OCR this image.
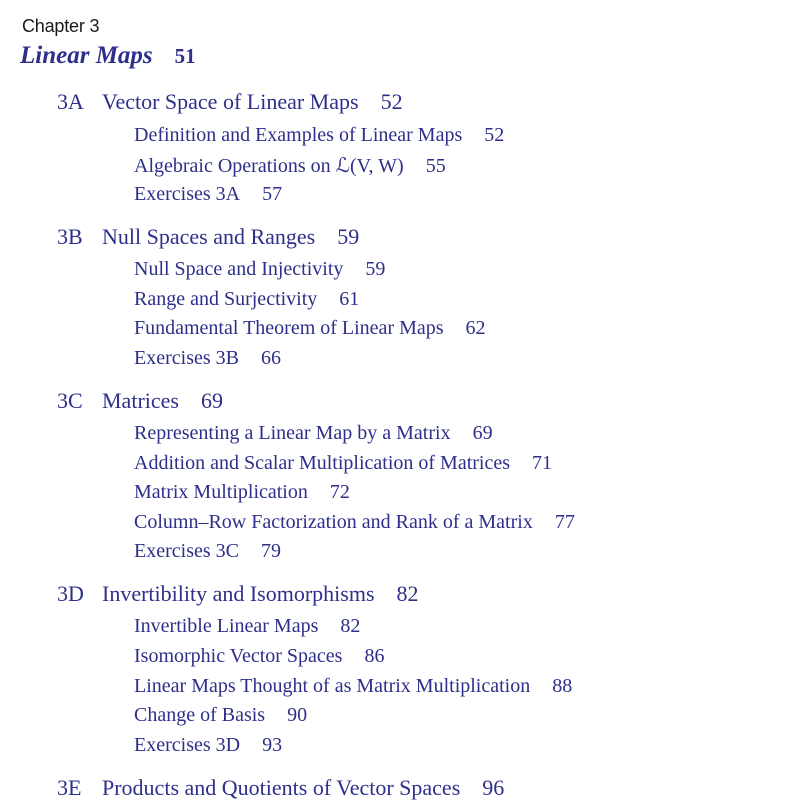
Chapter 3
Linear Maps 51
3A Vector Space of Linear Maps 52
Definition and Examples of Linear Maps 52
Algebraic Operations on ℒ(V, W) 55
Exercises 3A 57
3B Null Spaces and Ranges 59
Null Space and Injectivity 59
Range and Surjectivity 61
Fundamental Theorem of Linear Maps 62
Exercises 3B 66
3C Matrices 69
Representing a Linear Map by a Matrix 69
Addition and Scalar Multiplication of Matrices 71
Matrix Multiplication 72
Column–Row Factorization and Rank of a Matrix 77
Exercises 3C 79
3D Invertibility and Isomorphisms 82
Invertible Linear Maps 82
Isomorphic Vector Spaces 86
Linear Maps Thought of as Matrix Multiplication 88
Change of Basis 90
Exercises 3D 93
3E Products and Quotients of Vector Spaces 96
